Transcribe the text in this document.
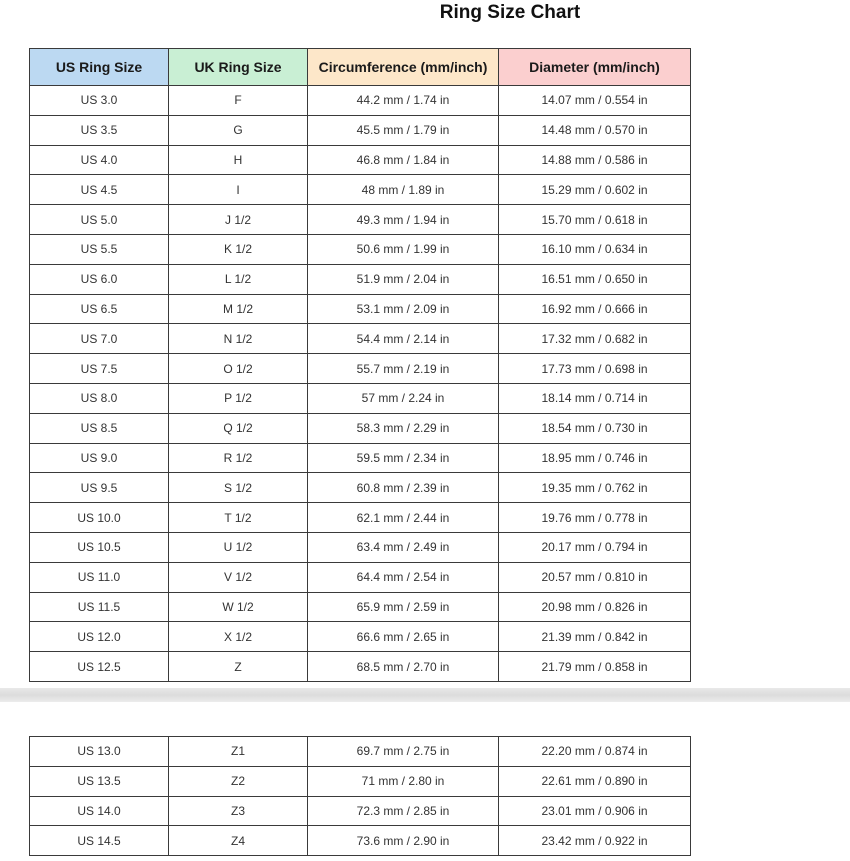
Ring Size Chart
US Ring Size	UK Ring Size	Circumference (mm/inch)	Diameter (mm/inch)
US 3.0	F	44.2 mm / 1.74 in	14.07 mm / 0.554 in
US 3.5	G	45.5 mm / 1.79 in	14.48 mm / 0.570 in
US 4.0	H	46.8 mm / 1.84 in	14.88 mm / 0.586 in
US 4.5	I	48 mm / 1.89 in	15.29 mm / 0.602 in
US 5.0	J 1/2	49.3 mm / 1.94 in	15.70 mm / 0.618 in
US 5.5	K 1/2	50.6 mm / 1.99 in	16.10 mm / 0.634 in
US 6.0	L 1/2	51.9 mm / 2.04 in	16.51 mm / 0.650 in
US 6.5	M 1/2	53.1 mm / 2.09 in	16.92 mm / 0.666 in
US 7.0	N 1/2	54.4 mm / 2.14 in	17.32 mm / 0.682 in
US 7.5	O 1/2	55.7 mm / 2.19 in	17.73 mm / 0.698 in
US 8.0	P 1/2	57 mm / 2.24 in	18.14 mm / 0.714 in
US 8.5	Q 1/2	58.3 mm / 2.29 in	18.54 mm / 0.730 in
US 9.0	R 1/2	59.5 mm / 2.34 in	18.95 mm / 0.746 in
US 9.5	S 1/2	60.8 mm / 2.39 in	19.35 mm / 0.762 in
US 10.0	T 1/2	62.1 mm / 2.44 in	19.76 mm / 0.778 in
US 10.5	U 1/2	63.4 mm / 2.49 in	20.17 mm / 0.794 in
US 11.0	V 1/2	64.4 mm / 2.54 in	20.57 mm / 0.810 in
US 11.5	W 1/2	65.9 mm / 2.59 in	20.98 mm / 0.826 in
US 12.0	X 1/2	66.6 mm / 2.65 in	21.39 mm / 0.842 in
US 12.5	Z	68.5 mm / 2.70 in	21.79 mm / 0.858 in
US 13.0	Z1	69.7 mm / 2.75 in	22.20 mm / 0.874 in
US 13.5	Z2	71 mm / 2.80 in	22.61 mm / 0.890 in
US 14.0	Z3	72.3 mm / 2.85 in	23.01 mm / 0.906 in
US 14.5	Z4	73.6 mm / 2.90 in	23.42 mm / 0.922 in
